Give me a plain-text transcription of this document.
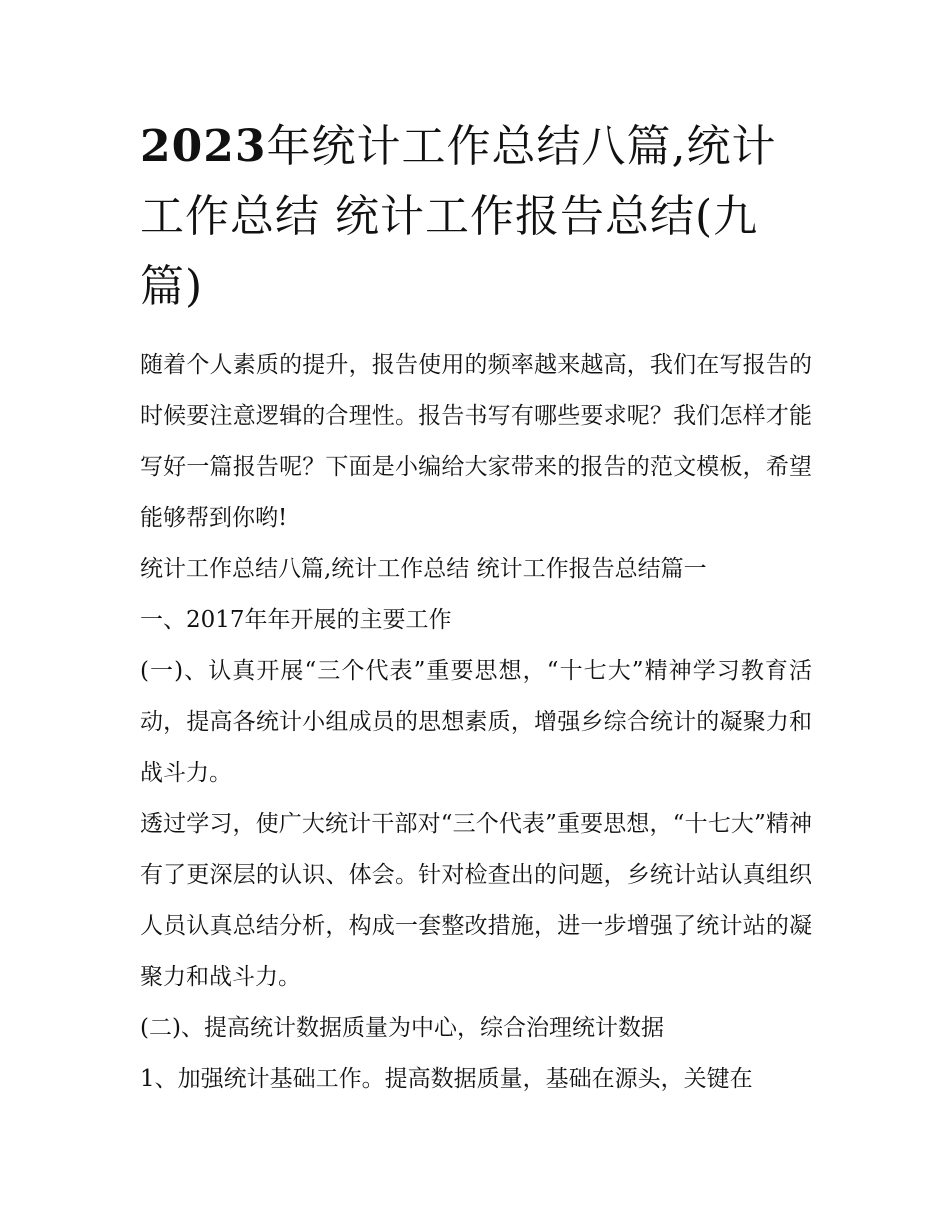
2023年统计工作总结八篇,统计工作总结 统计工作报告总结(九篇)

随着个人素质的提升，报告使用的频率越来越高，我们在写报告的时候要注意逻辑的合理性。报告书写有哪些要求呢？我们怎样才能写好一篇报告呢？下面是小编给大家带来的报告的范文模板，希望能够帮到你哟!

统计工作总结八篇,统计工作总结 统计工作报告总结篇一

一、2017年年开展的主要工作

(一)、认真开展“三个代表”重要思想，“十七大”精神学习教育活动，提高各统计小组成员的思想素质，增强乡综合统计的凝聚力和战斗力。

透过学习，使广大统计干部对“三个代表”重要思想，“十七大”精神有了更深层的认识、体会。针对检查出的问题，乡统计站认真组织人员认真总结分析，构成一套整改措施，进一步增强了统计站的凝聚力和战斗力。

(二)、提高统计数据质量为中心，综合治理统计数据

1、加强统计基础工作。提高数据质量，基础在源头，关键在
